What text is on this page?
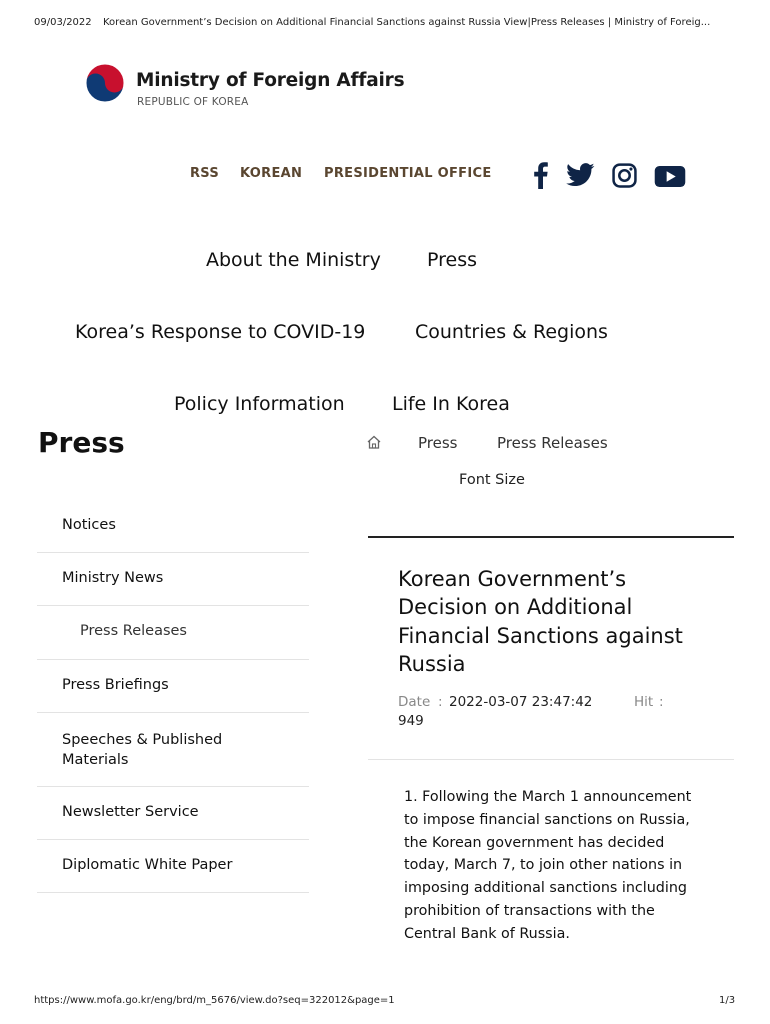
09/03/2022 Korean Government’s Decision on Additional Financial Sanctions against Russia View|Press Releases | Ministry of Foreig...
https://www.mofa.go.kr/eng/brd/m_5676/view.do?seq=322012&page=1	1/3
Ministry of Foreign Affairs
REPUBLIC OF KOREA
RSS KOREAN PRESIDENTIAL OFFICE
About the Ministry Press
Korea’s Response to COVID-19	Countries & Regions
Policy Information Life In Korea
Press	Press	Press Releases
Font Size
Notices
Ministry News
Press Releases
Press Briefings
Speeches & Published Materials
Newsletter Service
Diplomatic White Paper
Korean Government’s Decision on Additional Financial Sanctions against Russia
Date : 2022-03-07 23:47:42	Hit :
949
1. Following the March 1 announcement to impose financial sanctions on Russia, the Korean government has decided today, March 7, to join other nations in imposing additional sanctions including prohibition of transactions with the Central Bank of Russia.
